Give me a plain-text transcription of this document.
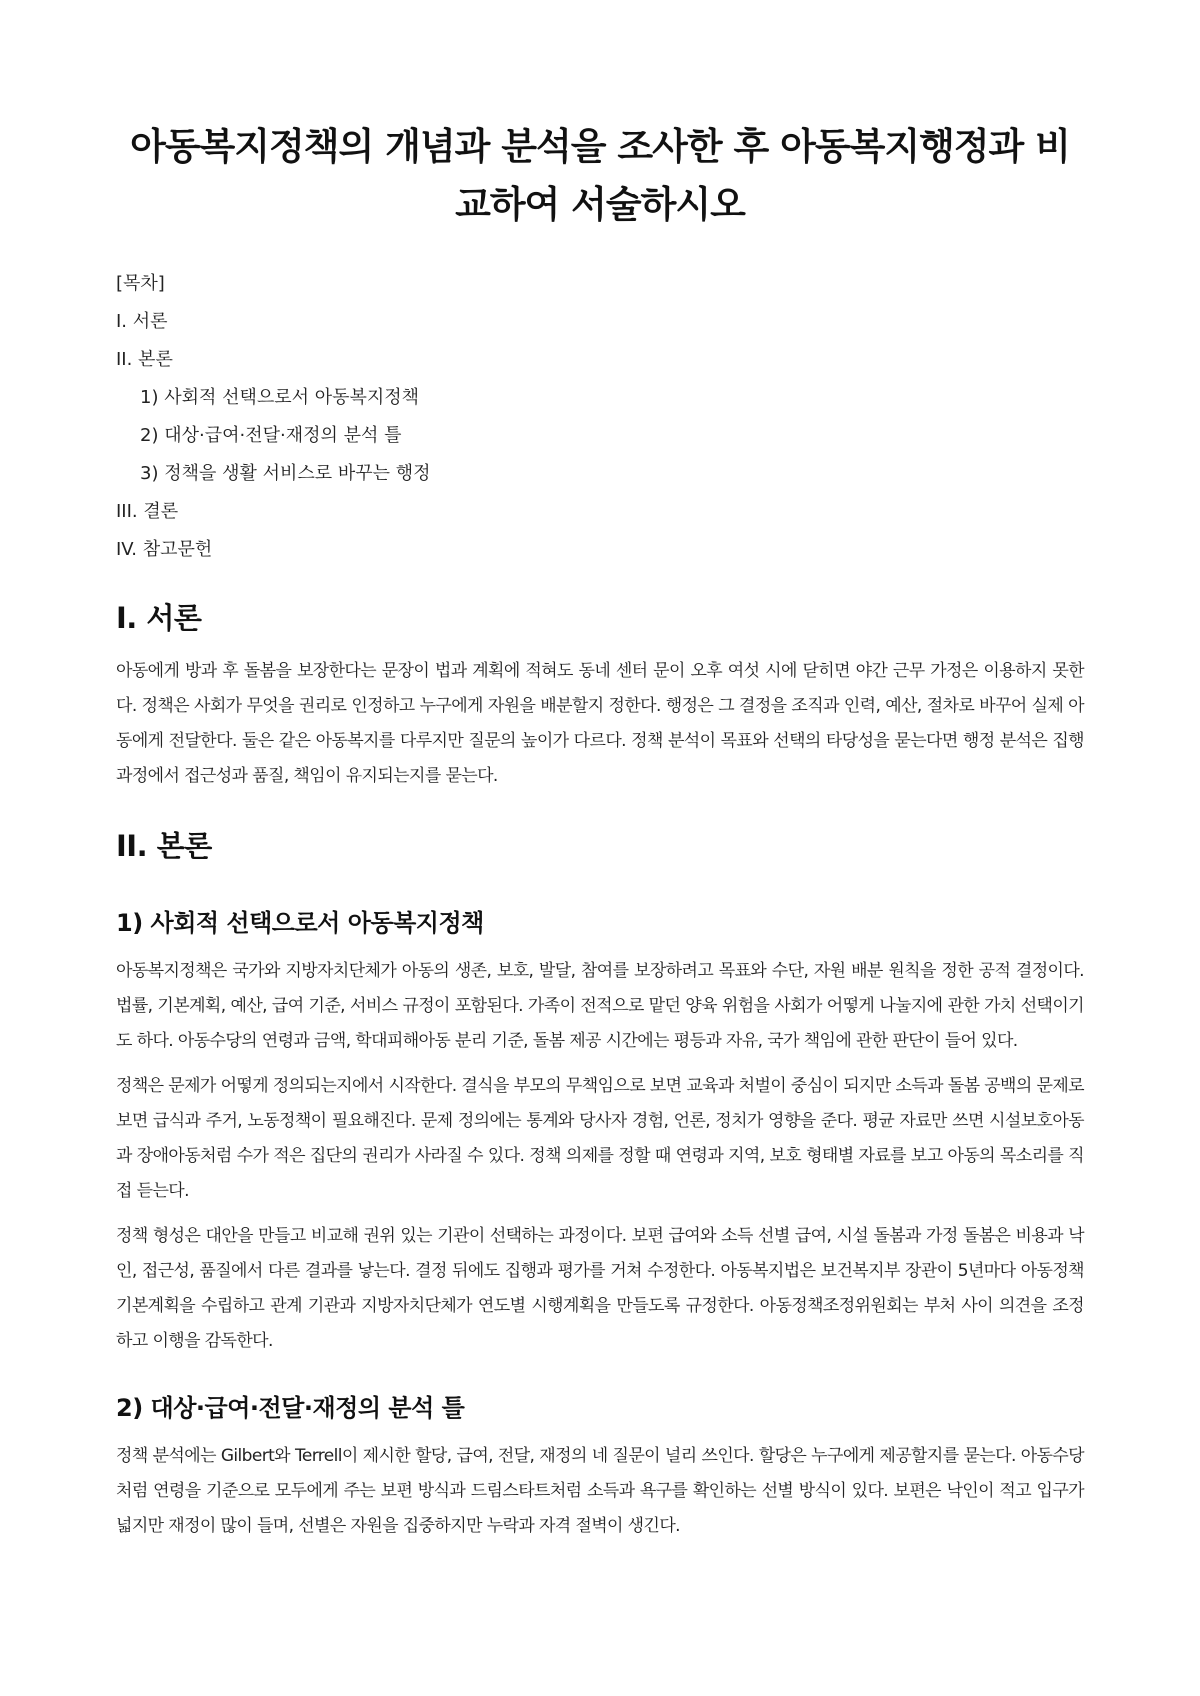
아동복지정책의 개념과 분석을 조사한 후 아동복지행정과 비교하여 서술하시오
[목차]
I. 서론
II. 본론
1) 사회적 선택으로서 아동복지정책
2) 대상·급여·전달·재정의 분석 틀
3) 정책을 생활 서비스로 바꾸는 행정
III. 결론
IV. 참고문헌
I. 서론

아동에게 방과 후 돌봄을 보장한다는 문장이 법과 계획에 적혀도 동네 센터 문이 오후 여섯 시에 닫히면 야간 근무 가정은 이용하지 못한다. 정책은 사회가 무엇을 권리로 인정하고 누구에게 자원을 배분할지 정한다. 행정은 그 결정을 조직과 인력, 예산, 절차로 바꾸어 실제 아동에게 전달한다. 둘은 같은 아동복지를 다루지만 질문의 높이가 다르다. 정책 분석이 목표와 선택의 타당성을 묻는다면 행정 분석은 집행 과정에서 접근성과 품질, 책임이 유지되는지를 묻는다.

II. 본론
1) 사회적 선택으로서 아동복지정책

아동복지정책은 국가와 지방자치단체가 아동의 생존, 보호, 발달, 참여를 보장하려고 목표와 수단, 자원 배분 원칙을 정한 공적 결정이다. 법률, 기본계획, 예산, 급여 기준, 서비스 규정이 포함된다. 가족이 전적으로 맡던 양육 위험을 사회가 어떻게 나눌지에 관한 가치 선택이기도 하다. 아동수당의 연령과 금액, 학대피해아동 분리 기준, 돌봄 제공 시간에는 평등과 자유, 국가 책임에 관한 판단이 들어 있다.

정책은 문제가 어떻게 정의되는지에서 시작한다. 결식을 부모의 무책임으로 보면 교육과 처벌이 중심이 되지만 소득과 돌봄 공백의 문제로 보면 급식과 주거, 노동정책이 필요해진다. 문제 정의에는 통계와 당사자 경험, 언론, 정치가 영향을 준다. 평균 자료만 쓰면 시설보호아동과 장애아동처럼 수가 적은 집단의 권리가 사라질 수 있다. 정책 의제를 정할 때 연령과 지역, 보호 형태별 자료를 보고 아동의 목소리를 직접 듣는다.

정책 형성은 대안을 만들고 비교해 권위 있는 기관이 선택하는 과정이다. 보편 급여와 소득 선별 급여, 시설 돌봄과 가정 돌봄은 비용과 낙인, 접근성, 품질에서 다른 결과를 낳는다. 결정 뒤에도 집행과 평가를 거쳐 수정한다. 아동복지법은 보건복지부 장관이 5년마다 아동정책기본계획을 수립하고 관계 기관과 지방자치단체가 연도별 시행계획을 만들도록 규정한다. 아동정책조정위원회는 부처 사이 의견을 조정하고 이행을 감독한다.

2) 대상·급여·전달·재정의 분석 틀

정책 분석에는 Gilbert와 Terrell이 제시한 할당, 급여, 전달, 재정의 네 질문이 널리 쓰인다. 할당은 누구에게 제공할지를 묻는다. 아동수당처럼 연령을 기준으로 모두에게 주는 보편 방식과 드림스타트처럼 소득과 욕구를 확인하는 선별 방식이 있다. 보편은 낙인이 적고 입구가 넓지만 재정이 많이 들며, 선별은 자원을 집중하지만 누락과 자격 절벽이 생긴다.
